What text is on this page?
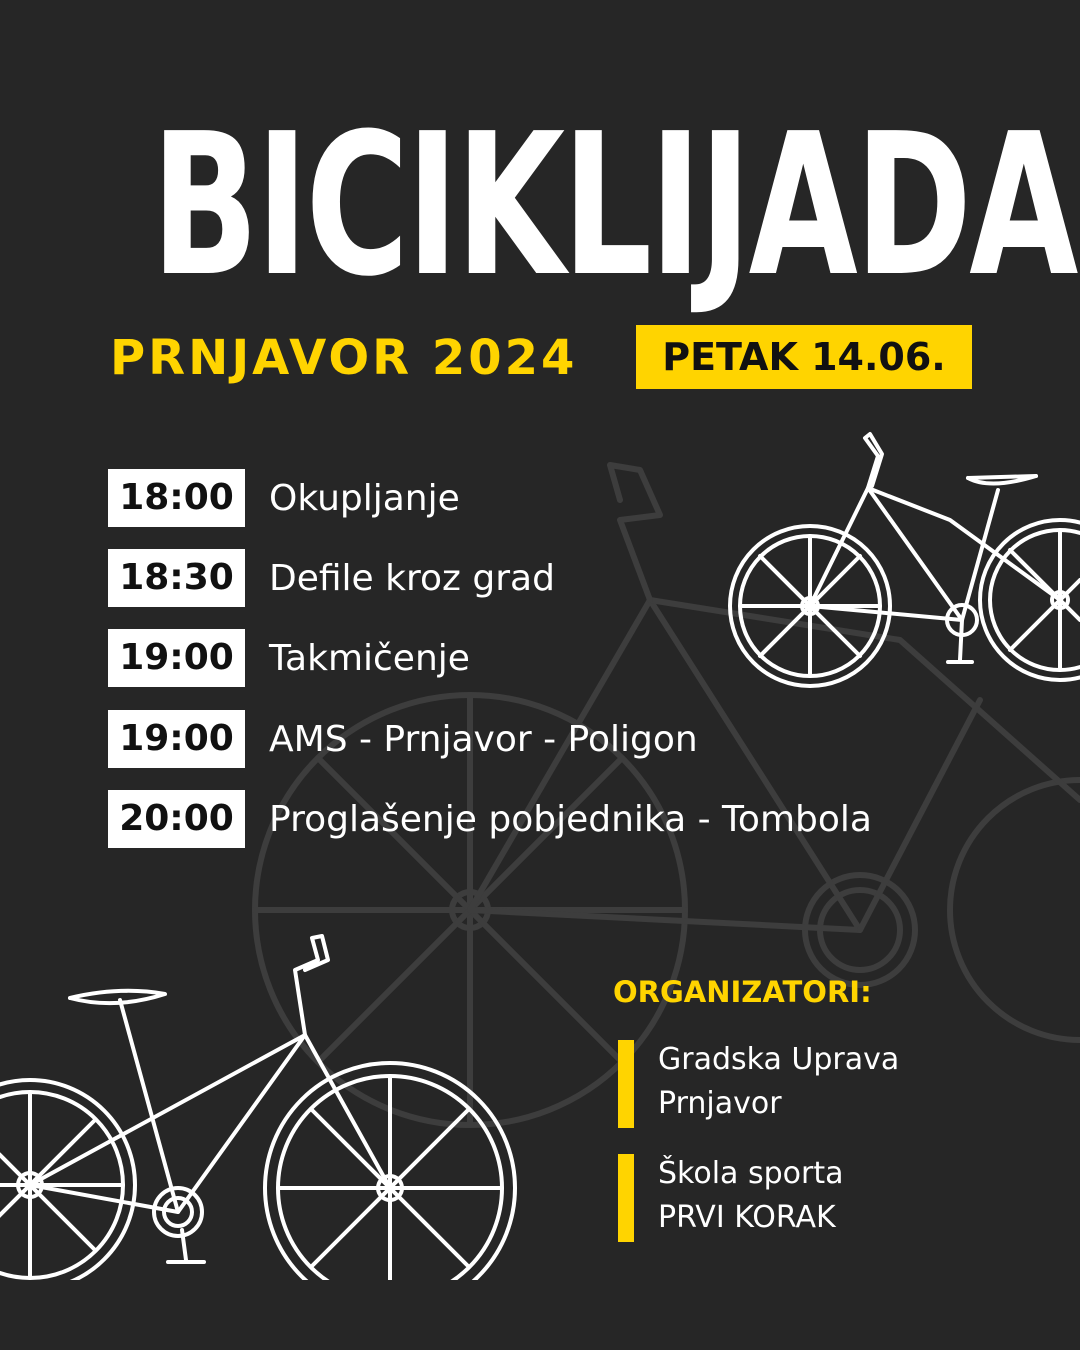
BICIKLIJADA
PRNJAVOR 2024	PETAK 14.06.
18:00 Okupljanje
18:30 Defile kroz grad
19:00 Takmičenje
19:00 AMS - Prnjavor - Poligon
20:00 Proglašenje pobjednika - Tombola
ORGANIZATORI:
Gradska Uprava
Prnjavor
Škola sporta
PRVI KORAK
